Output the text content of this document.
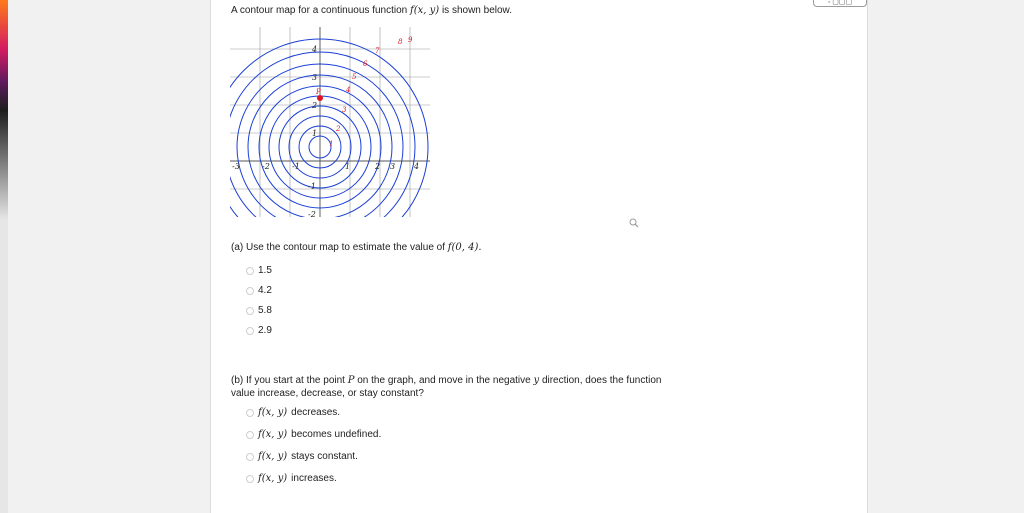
◦ ▢▢▢
A contour map for a continuous function f(x, y) is shown below.
-3	-2	-1	1	2 3 4
4
3
2
1
-1
-2
1
2
3
4
5
6
7
8 9
P
(a) Use the contour map to estimate the value of f(0, 4).
1.5
4.2
5.8
2.9
(b) If you start at the point P on the graph, and move in the negative y direction, does the function
value increase, decrease, or stay constant?
f(x, y) decreases.
f(x, y) becomes undefined.
f(x, y) stays constant.
f(x, y) increases.
